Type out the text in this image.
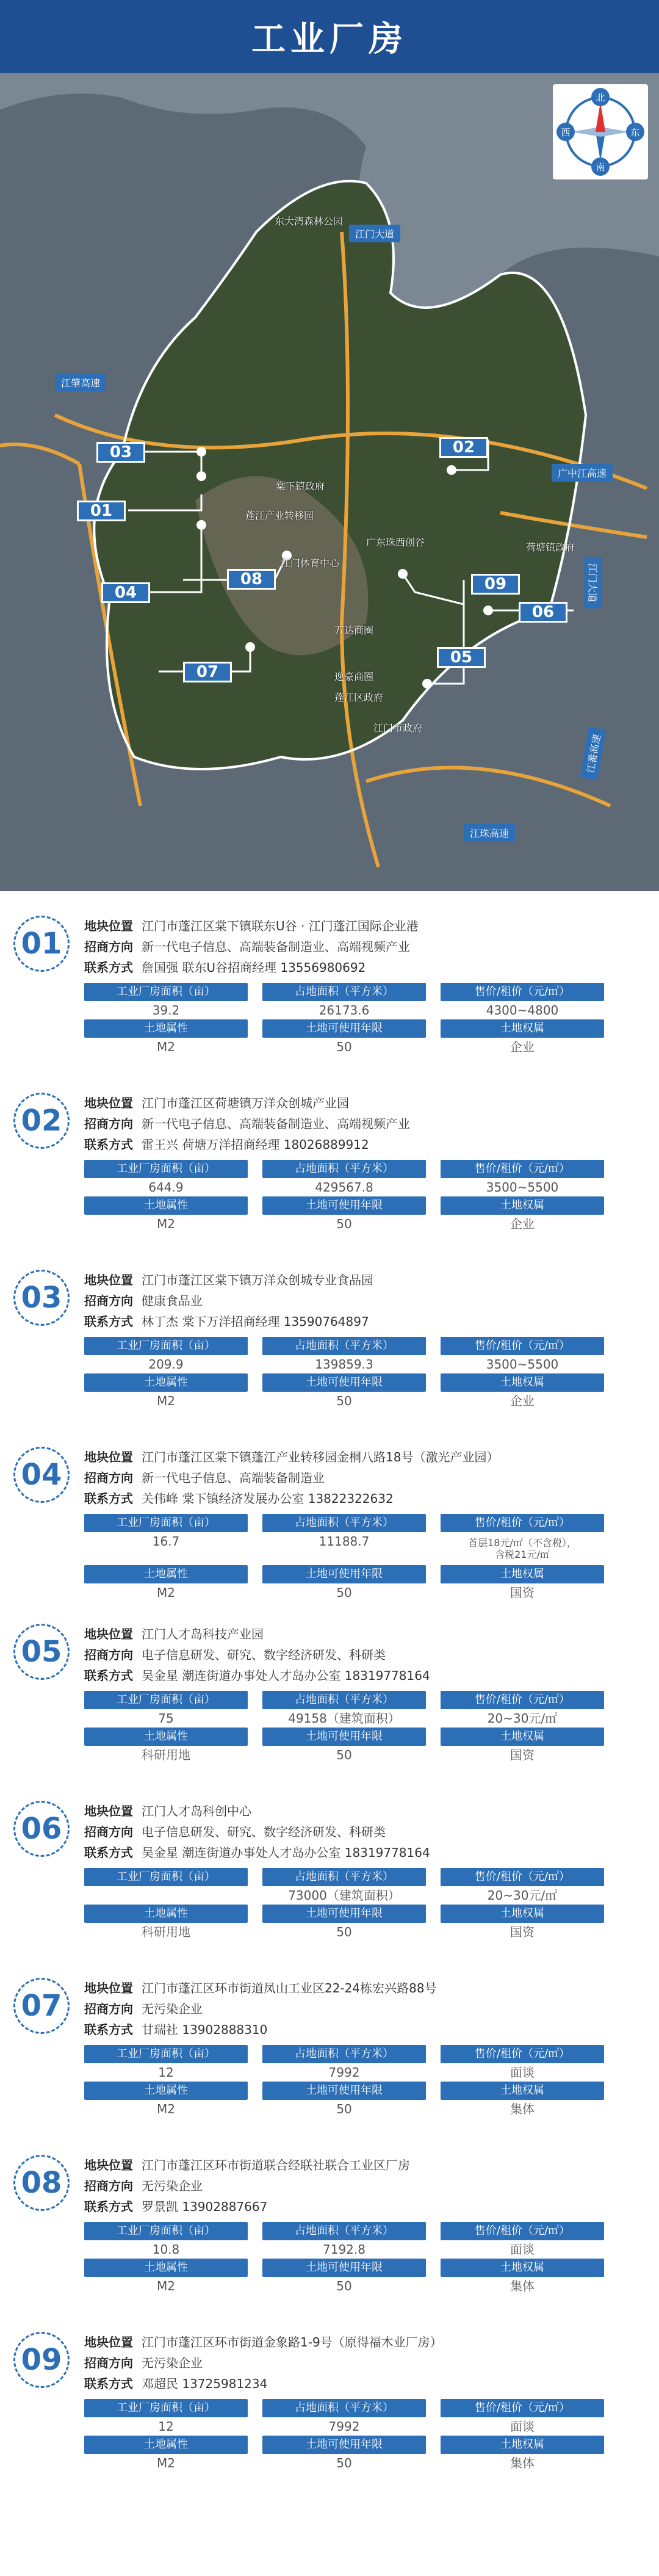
工业厂房
北
南
东
西
江门大道
江肇高速
广中江高速
江珠高速
江番高速
江门大道
东大湾森林公园
棠下镇政府
蓬江产业转移园
广东珠西创谷
江门体育中心
荷塘镇政府
万达商圈
逸豪商圈
蓬江区政府
江门市政府
01
02
03
04
05
06
07
08	09
01
地块位置 江门市蓬江区棠下镇联东U谷 · 江门蓬江国际企业港
招商方向 新一代电子信息、高端装备制造业、高端视频产业
联系方式 詹国强 联东U谷招商经理 13556980692
工业厂房面积（亩）
39.2
占地面积（平方米）
26173.6
售价/租价（元/㎡）
4300~4800
土地属性
M2
土地可使用年限
50
土地权属
企业
02
地块位置 江门市蓬江区荷塘镇万洋众创城产业园
招商方向 新一代电子信息、高端装备制造业、高端视频产业
联系方式 雷王兴 荷塘万洋招商经理 18026889912
工业厂房面积（亩）
644.9
占地面积（平方米）
429567.8
售价/租价（元/㎡）
3500~5500
土地属性
M2
土地可使用年限
50
土地权属
企业
03
地块位置 江门市蓬江区棠下镇万洋众创城专业食品园
招商方向 健康食品业
联系方式 林丁杰 棠下万洋招商经理 13590764897
工业厂房面积（亩）
209.9
占地面积（平方米）
139859.3
售价/租价（元/㎡）
3500~5500
土地属性
M2
土地可使用年限
50
土地权属
企业
04
地块位置 江门市蓬江区棠下镇蓬江产业转移园金桐八路18号（激光产业园）
招商方向 新一代电子信息、高端装备制造业
联系方式 关伟峰 棠下镇经济发展办公室 13822322632
工业厂房面积（亩）
16.7
占地面积（平方米）
11188.7
售价/租价（元/㎡）
首层18元/㎡（不含税），
含税21元/㎡
土地属性
M2
土地可使用年限
50
土地权属
国资
05
地块位置 江门人才岛科技产业园
招商方向 电子信息研发、研究、数字经济研发、科研类
联系方式 吴金星 潮连街道办事处人才岛办公室 18319778164
工业厂房面积（亩）
75
占地面积（平方米）
49158（建筑面积）
售价/租价（元/㎡）
20~30元/㎡
土地属性
科研用地
土地可使用年限
50
土地权属
国资
06
地块位置 江门人才岛科创中心
招商方向 电子信息研发、研究、数字经济研发、科研类
联系方式 吴金星 潮连街道办事处人才岛办公室 18319778164
工业厂房面积（亩）	占地面积（平方米）
73000（建筑面积）
售价/租价（元/㎡）
20~30元/㎡
土地属性
科研用地
土地可使用年限
50
土地权属
国资
07
地块位置 江门市蓬江区环市街道凤山工业区22-24栋宏兴路88号
招商方向 无污染企业
联系方式 甘瑞社 13902888310
工业厂房面积（亩）
12
占地面积（平方米）
7992
售价/租价（元/㎡）
面谈
土地属性
M2
土地可使用年限
50
土地权属
集体
08
地块位置 江门市蓬江区环市街道联合经联社联合工业区厂房
招商方向 无污染企业
联系方式 罗景凯 13902887667
工业厂房面积（亩）
10.8
占地面积（平方米）
7192.8
售价/租价（元/㎡）
面谈
土地属性
M2
土地可使用年限
50
土地权属
集体
09
地块位置 江门市蓬江区环市街道金象路1-9号（原得福木业厂房）
招商方向 无污染企业
联系方式 邓超民 13725981234
工业厂房面积（亩）
12
占地面积（平方米）
7992
售价/租价（元/㎡）
面谈
土地属性
M2
土地可使用年限
50
土地权属
集体
